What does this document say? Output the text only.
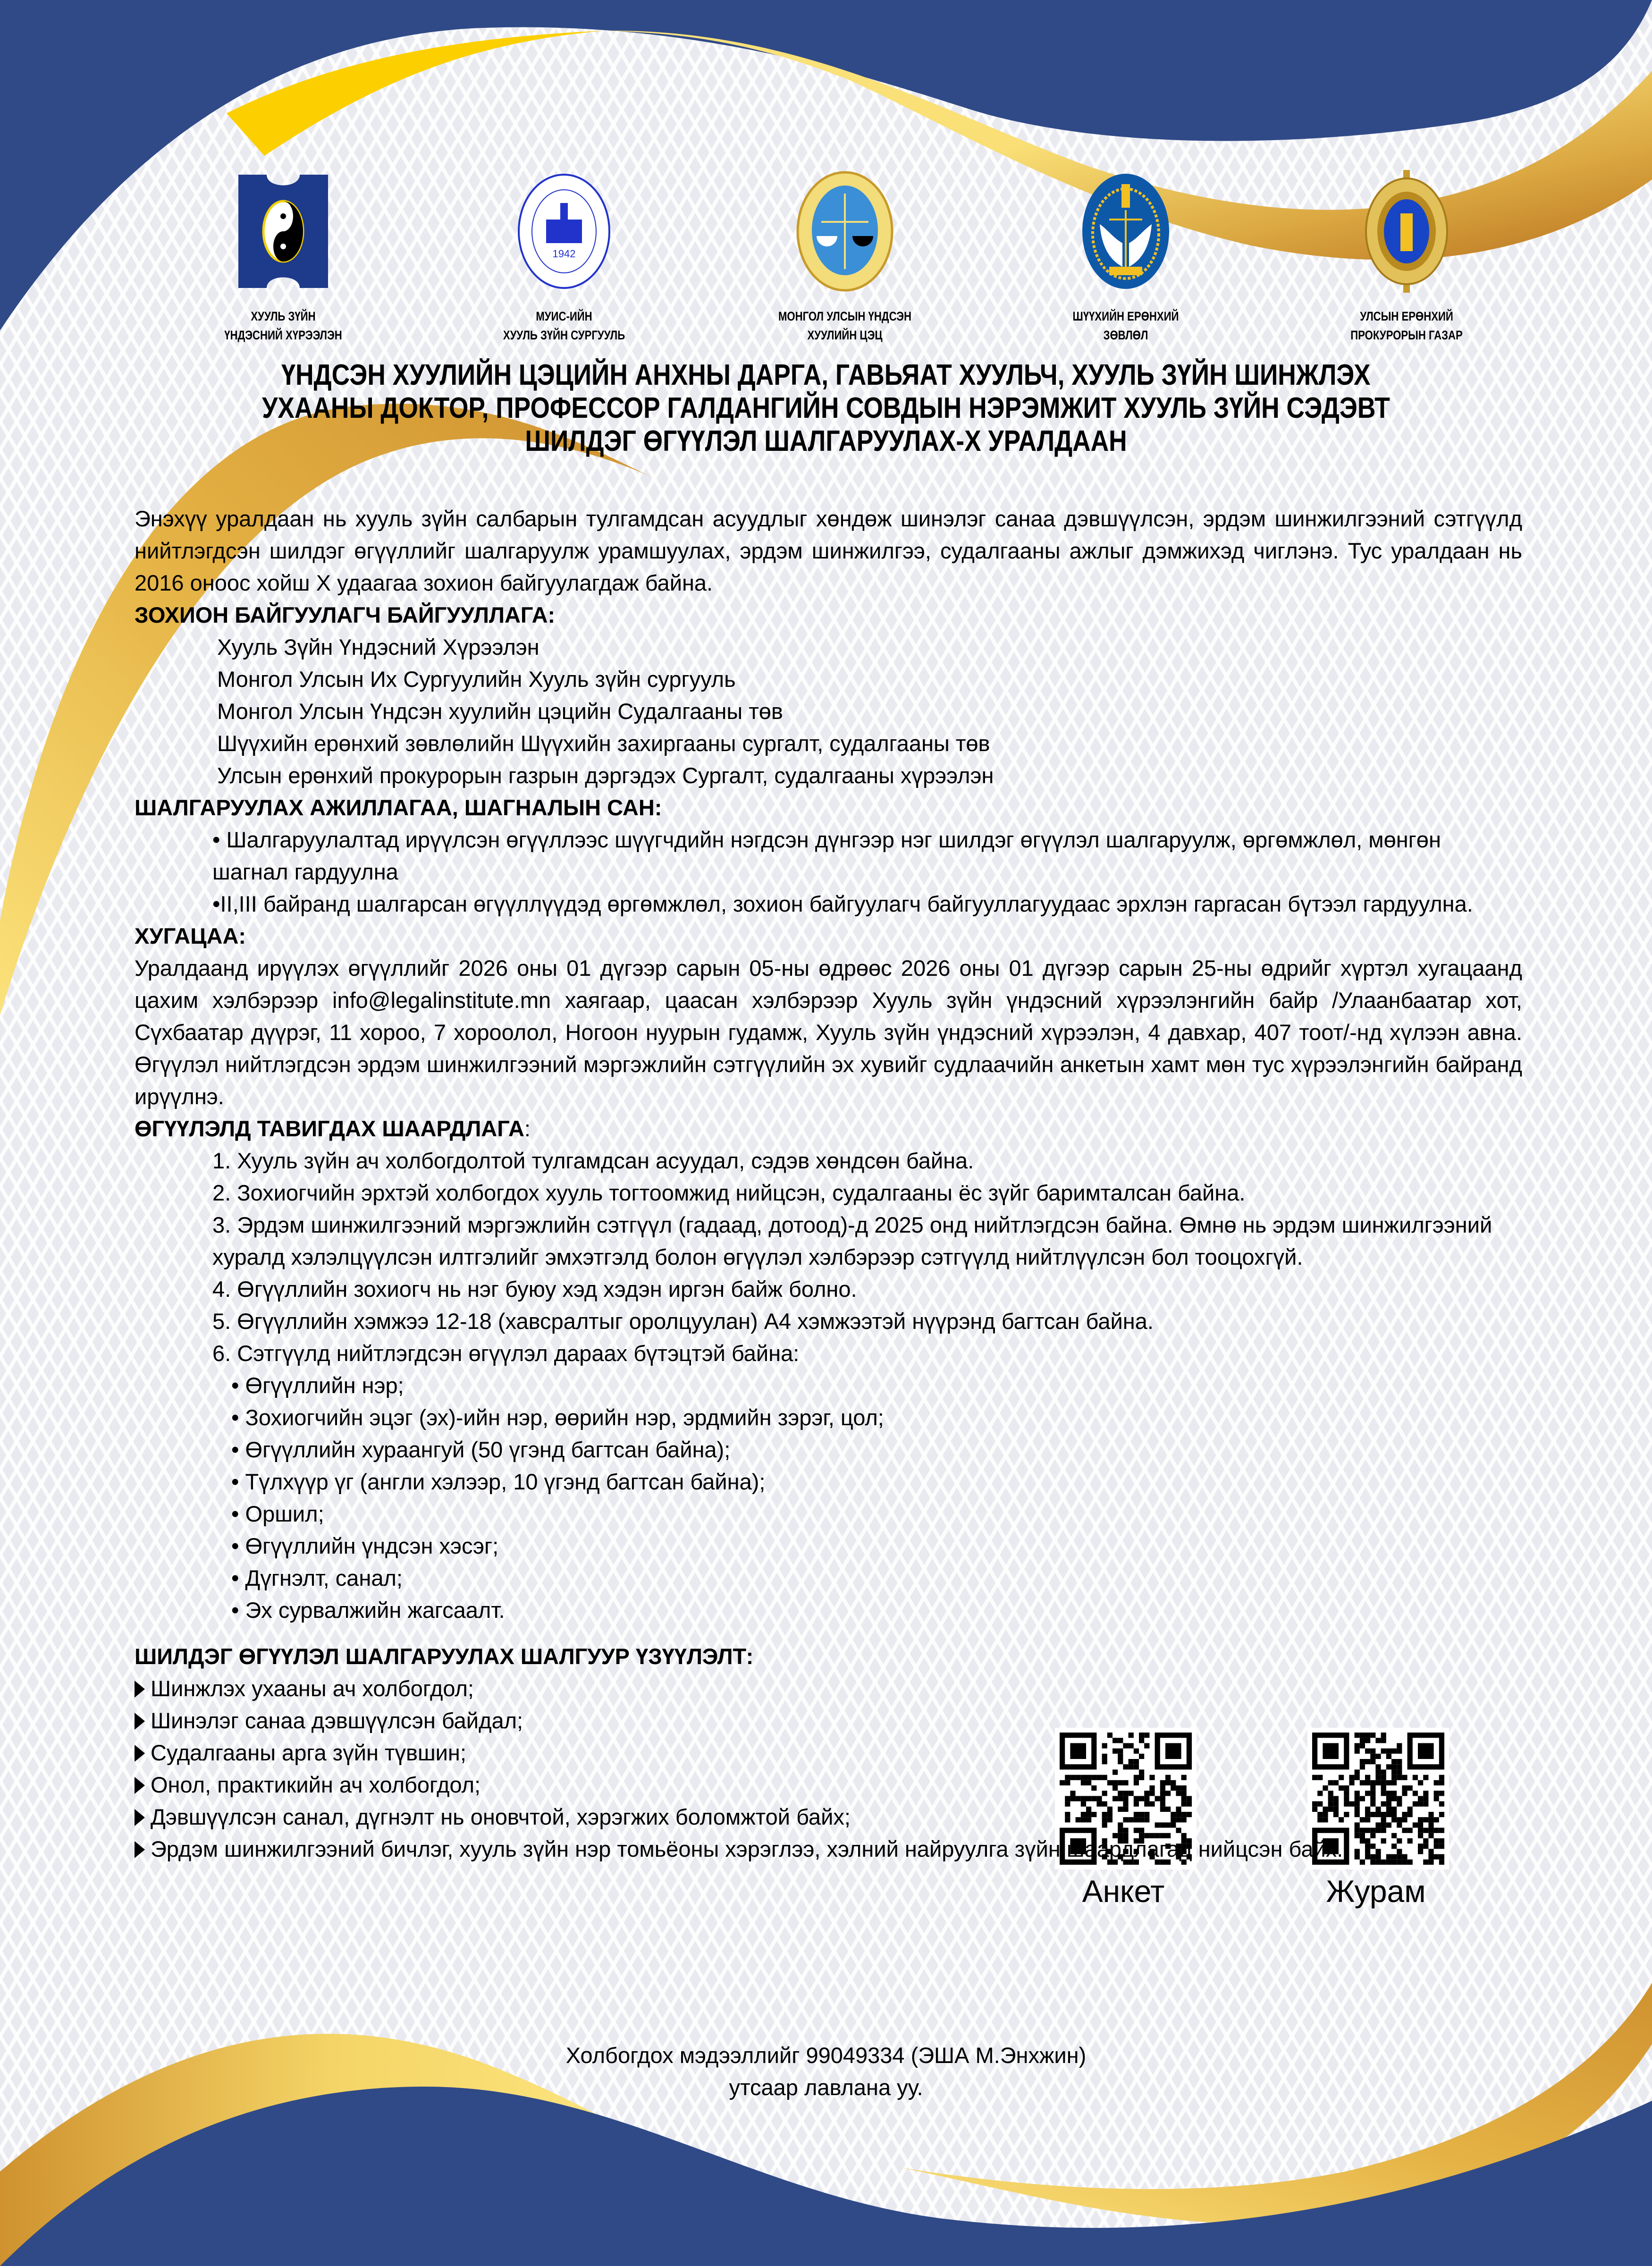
ХУУЛЬ ЗҮЙН
ҮНДЭСНИЙ ХҮРЭЭЛЭН
1942
МУИС-ИЙН
ХУУЛЬ ЗҮЙН СУРГУУЛЬ
МОНГОЛ УЛСЫН ҮНДСЭН
ХУУЛИЙН ЦЭЦ
ШҮҮХИЙН ЕРӨНХИЙ
ЗӨВЛӨЛ
УЛСЫН ЕРӨНХИЙ
ПРОКУРОРЫН ГАЗАР
ҮНДСЭН ХУУЛИЙН ЦЭЦИЙН АНХНЫ ДАРГА, ГАВЬЯАТ ХУУЛЬЧ, ХУУЛЬ ЗҮЙН ШИНЖЛЭХ УХААНЫ ДОКТОР, ПРОФЕССОР ГАЛДАНГИЙН СОВДЫН НЭРЭМЖИТ ХУУЛЬ ЗҮЙН СЭДЭВТ ШИЛДЭГ ӨГҮҮЛЭЛ ШАЛГАРУУЛАХ-Х УРАЛДААН

Энэхүү уралдаан нь хууль зүйн салбарын тулгамдсан асуудлыг хөндөж шинэлэг санаа дэвшүүлсэн, эрдэм шинжилгээний сэтгүүлд нийтлэгдсэн шилдэг өгүүллийг шалгаруулж урамшуулах, эрдэм шинжилгээ, судалгааны ажлыг дэмжихэд чиглэнэ. Тус уралдаан нь 2016 оноос хойш X удаагаа зохион байгуулагдаж байна.

ЗОХИОН БАЙГУУЛАГЧ БАЙГУУЛЛАГА:

Хууль Зүйн Үндэсний Хүрээлэн
Монгол Улсын Их Сургуулийн Хууль зүйн сургууль
Монгол Улсын Үндсэн хуулийн цэцийн Судалгааны төв
Шүүхийн ерөнхий зөвлөлийн Шүүхийн захиргааны сургалт, судалгааны төв
Улсын ерөнхий прокурорын газрын дэргэдэх Сургалт, судалгааны хүрээлэн

ШАЛГАРУУЛАХ АЖИЛЛАГАА, ШАГНАЛЫН САН:

• Шалгаруулалтад ирүүлсэн өгүүллээс шүүгчдийн нэгдсэн дүнгээр нэг шилдэг өгүүлэл шалгаруулж, өргөмжлөл, мөнгөн     шагнал гардуулна

•II,III байранд шалгарсан өгүүллүүдэд өргөмжлөл, зохион байгуулагч байгууллагуудаас эрхлэн гаргасан бүтээл гардуулна.

ХУГАЦАА:

Уралдаанд ирүүлэх өгүүллийг 2026 оны 01 дүгээр сарын 05-ны өдрөөс 2026 оны 01 дүгээр сарын 25-ны өдрийг хүртэл хугацаанд цахим хэлбэрээр info@legalinstitute.mn хаягаар, цаасан хэлбэрээр Хууль зүйн үндэсний хүрээлэнгийн байр /Улаанбаатар хот, Сүхбаатар дүүрэг, 11 хороо, 7 хороолол, Ногоон нуурын гудамж, Хууль зүйн үндэсний хүрээлэн, 4 давхар, 407 тоот/-нд хүлээн авна. Өгүүлэл нийтлэгдсэн эрдэм шинжилгээний мэргэжлийн сэтгүүлийн эх хувийг судлаачийн анкетын хамт мөн тус хүрээлэнгийн байранд ирүүлнэ.

ӨГҮҮЛЭЛД ТАВИГДАХ ШААРДЛАГА:

1. Хууль зүйн ач холбогдолтой тулгамдсан асуудал, сэдэв хөндсөн байна.
2. Зохиогчийн эрхтэй холбогдох хууль тогтоомжид нийцсэн, судалгааны ёс зүйг баримталсан байна.
3. Эрдэм шинжилгээний мэргэжлийн сэтгүүл (гадаад, дотоод)-д 2025 онд нийтлэгдсэн байна. Өмнө нь эрдэм шинжилгээний хуралд хэлэлцүүлсэн илтгэлийг эмхэтгэлд болон өгүүлэл хэлбэрээр сэтгүүлд нийтлүүлсэн бол тооцохгүй.
4. Өгүүллийн зохиогч нь нэг буюу хэд хэдэн иргэн байж болно.
5. Өгүүллийн хэмжээ 12-18 (хавсралтыг оролцуулан) А4 хэмжээтэй нүүрэнд багтсан байна.
6. Сэтгүүлд нийтлэгдсэн өгүүлэл дараах бүтэцтэй байна:
• Өгүүллийн нэр;
• Зохиогчийн эцэг (эх)-ийн нэр, өөрийн нэр, эрдмийн зэрэг, цол;
• Өгүүллийн хураангуй (50 үгэнд багтсан байна);
• Түлхүүр үг (англи хэлээр, 10 үгэнд багтсан байна);
• Оршил;
• Өгүүллийн үндсэн хэсэг;
• Дүгнэлт, санал;
• Эх сурвалжийн жагсаалт.

ШИЛДЭГ ӨГҮҮЛЭЛ ШАЛГАРУУЛАХ ШАЛГУУР ҮЗҮҮЛЭЛТ:

Шинжлэх ухааны ач холбогдол;
Шинэлэг санаа дэвшүүлсэн байдал;
Судалгааны арга зүйн түвшин;
Онол, практикийн ач холбогдол;
Дэвшүүлсэн санал, дүгнэлт нь оновчтой, хэрэгжих боломжтой байх;
Эрдэм шинжилгээний бичлэг, хууль зүйн нэр томьёоны хэрэглээ, хэлний найруулга зүйн шаардлагад нийцсэн байх.
Анкет	Журам
Холбогдох мэдээллийг 99049334 (ЭША М.Энхжин)
утсаар лавлана уу.
